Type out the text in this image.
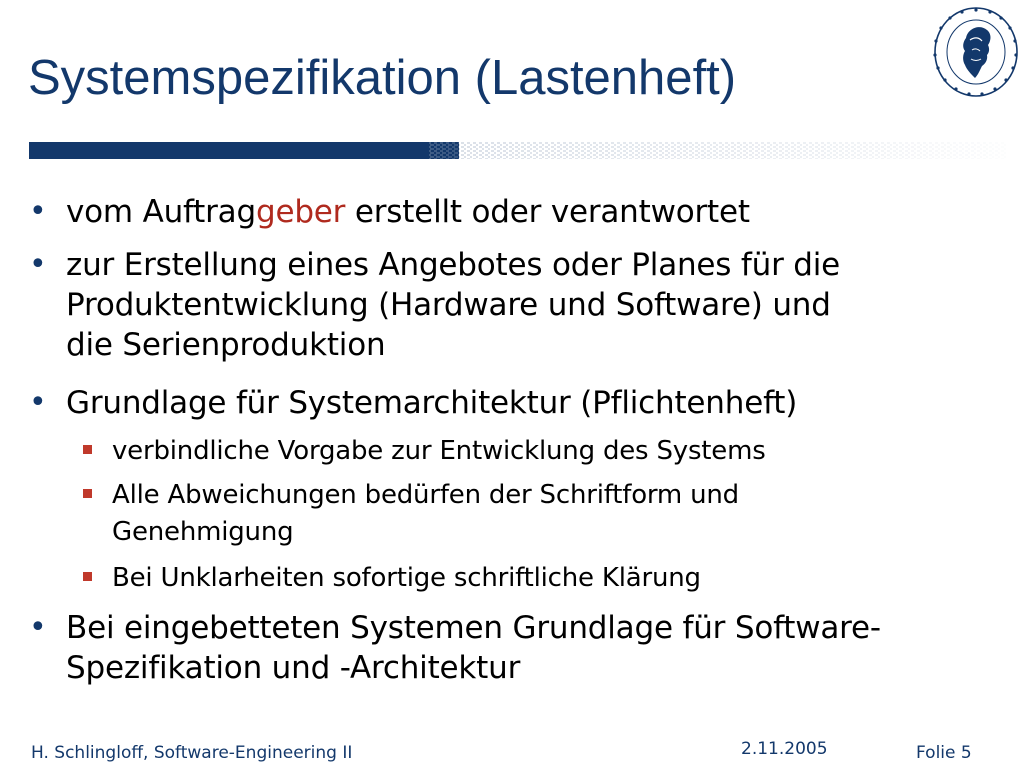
Systemspezifikation (Lastenheft)
• vom Auftraggeber erstellt oder verantwortet
• zur Erstellung eines Angebotes oder Planes für die
Produktentwicklung (Hardware und Software) und
die Serienproduktion
• Grundlage für Systemarchitektur (Pflichtenheft)
verbindliche Vorgabe zur Entwicklung des Systems
Alle Abweichungen bedürfen der Schriftform und
Genehmigung
Bei Unklarheiten sofortige schriftliche Klärung
• Bei eingebetteten Systemen Grundlage für Software-
Spezifikation und -Architektur
H. Schlingloff, Software-Engineering II	2.11.2005	Folie 5
